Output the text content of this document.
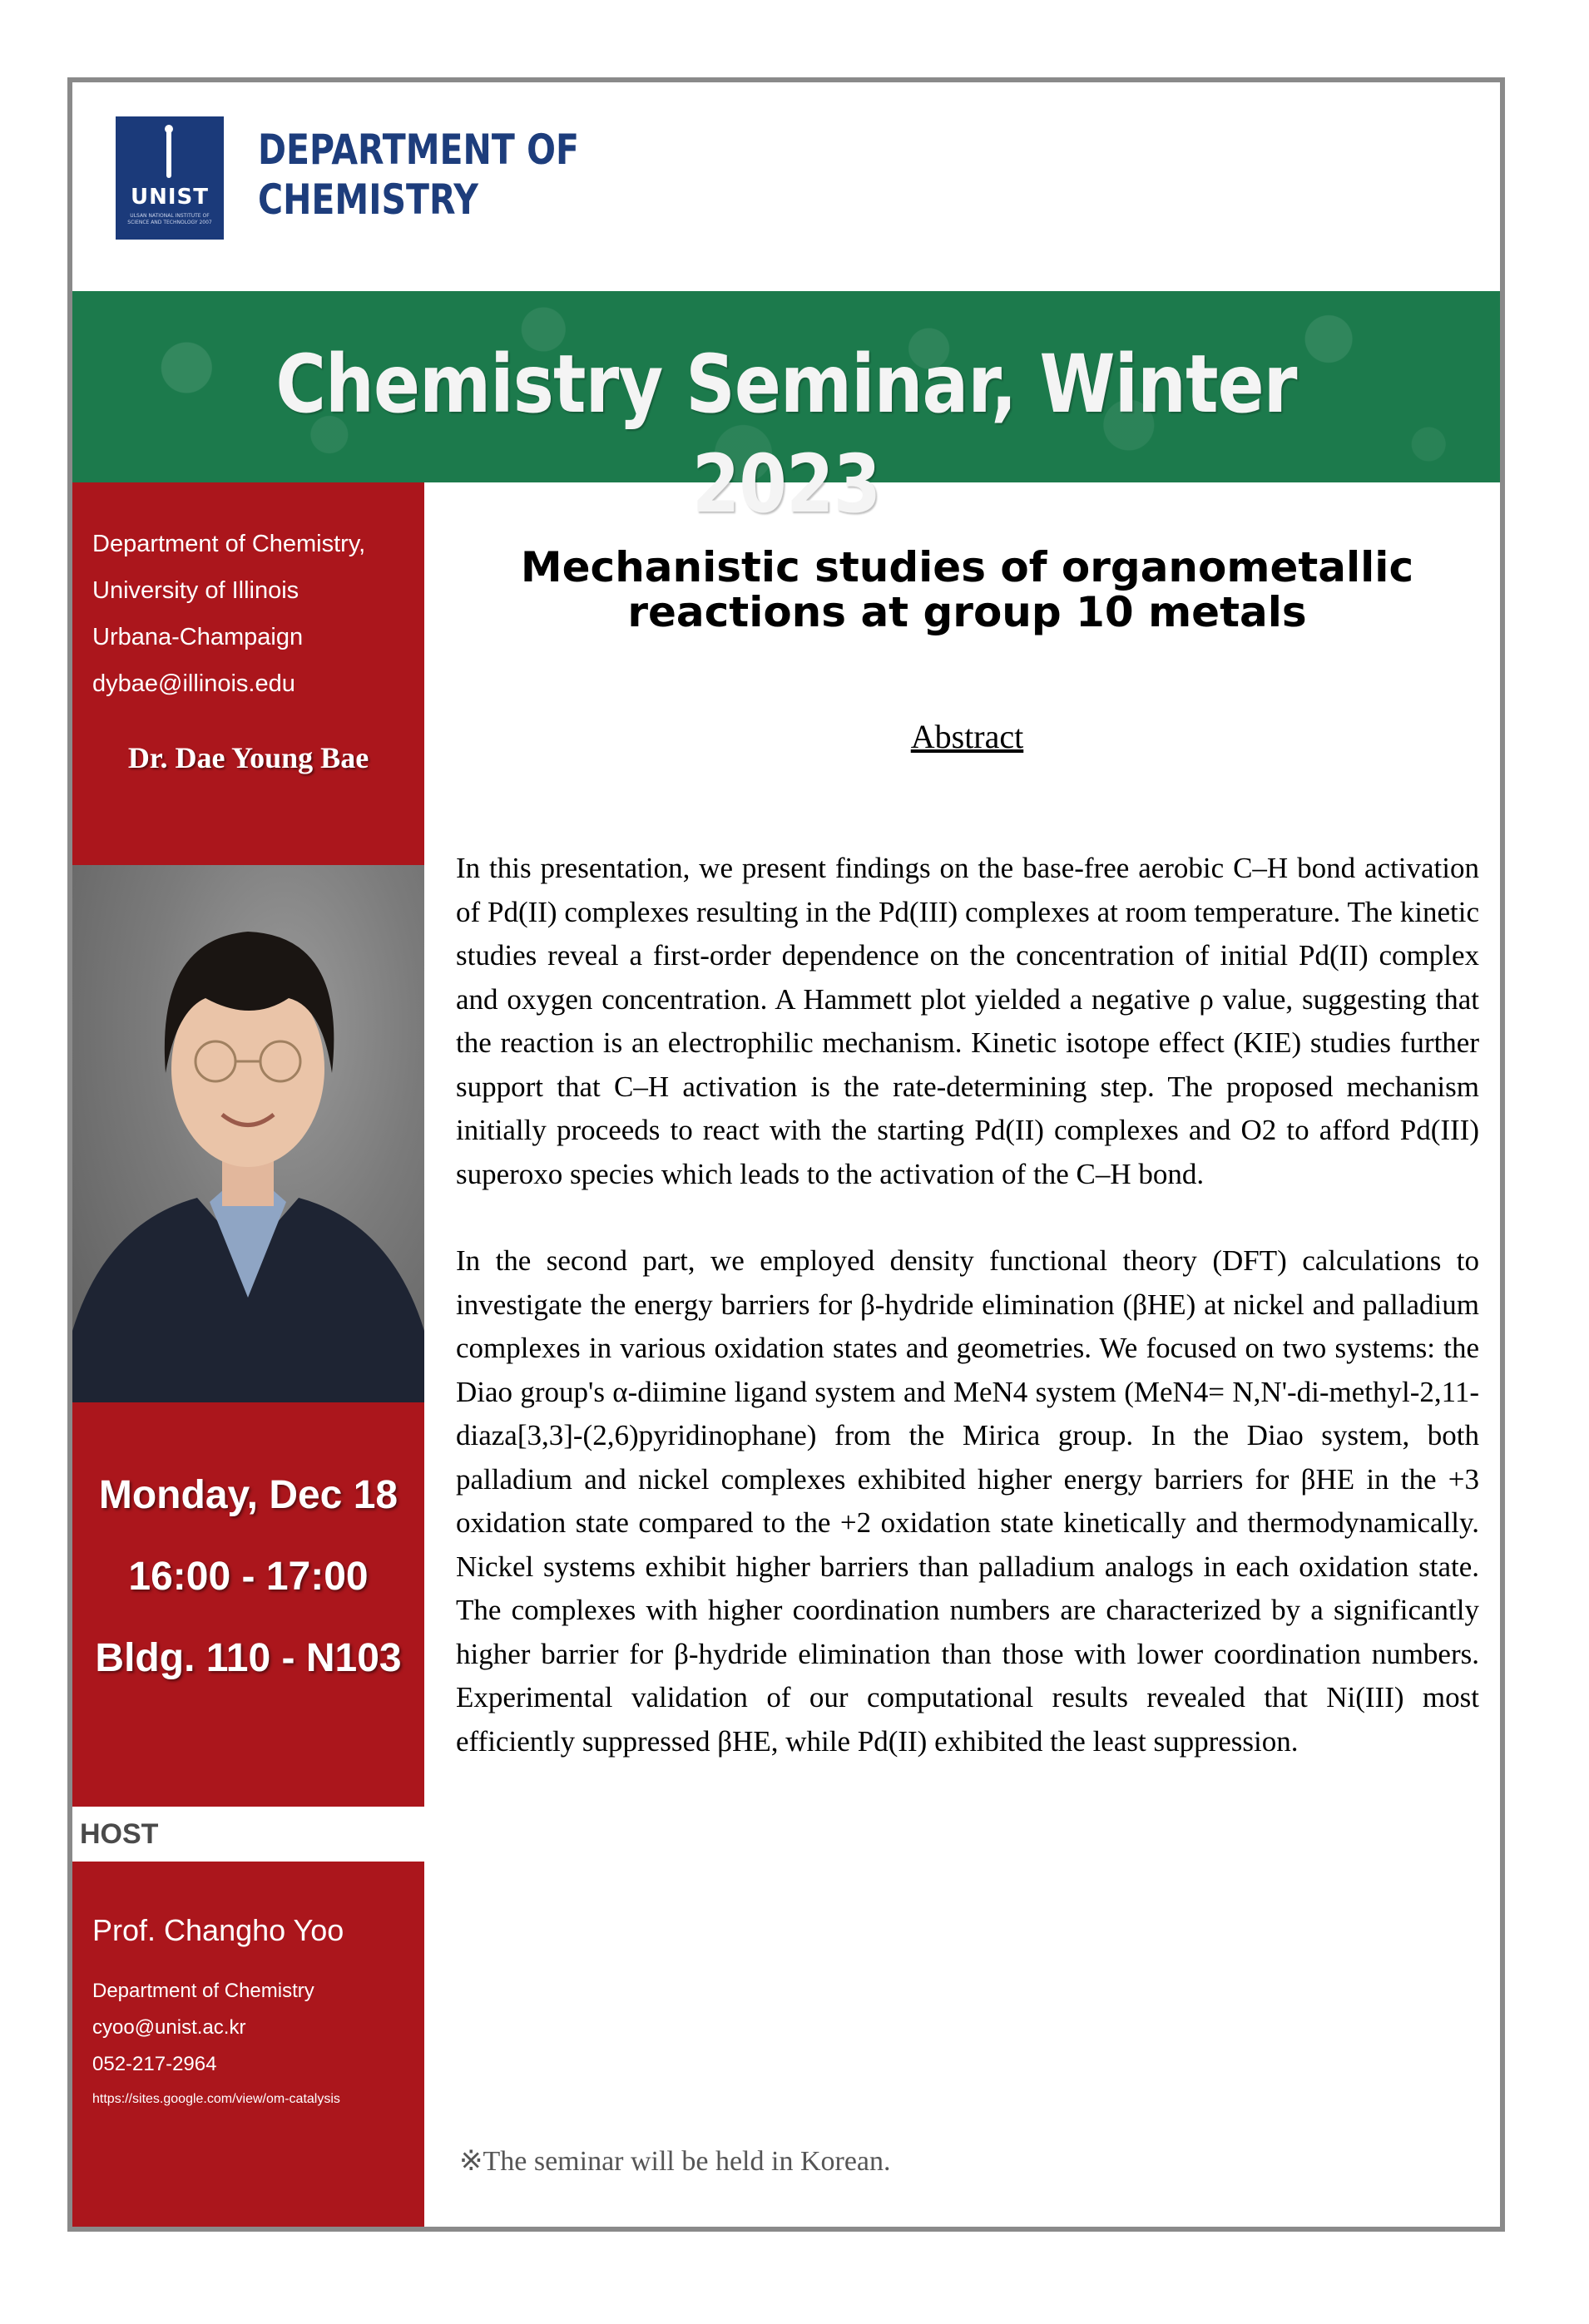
UNIST
ULSAN NATIONAL INSTITUTE OF SCIENCE AND TECHNOLOGY 2007
DEPARTMENT OF
CHEMISTRY
Chemistry Seminar, Winter 2023
Department of Chemistry,
University of Illinois
Urbana-Champaign
dybae@illinois.edu
Dr. Dae Young Bae
Monday, Dec 18
16:00 - 17:00
Bldg. 110 - N103
HOST
Prof. Changho Yoo
Department of Chemistry
cyoo@unist.ac.kr
052-217-2964
https://sites.google.com/view/om-catalysis
Mechanistic studies of organometallic
reactions at group 10 metals
Abstract

In this presentation, we present findings on the base-free aerobic C–H bond activation of Pd(II) complexes resulting in the Pd(III) complexes at room temperature. The kinetic studies reveal a first-order dependence on the concentration of initial Pd(II) complex and oxygen concentration. A Hammett plot yielded a negative ρ value, suggesting that the reaction is an electrophilic mechanism. Kinetic isotope effect (KIE) studies further support that C–H activation is the rate-determining step. The proposed mechanism initially proceeds to react with the starting Pd(II) complexes and O2 to afford Pd(III) superoxo species which leads to the activation of the C–H bond.

In the second part, we employed density functional theory (DFT) calculations to investigate the energy barriers for β-hydride elimination (βHE) at nickel and palladium complexes in various oxidation states and geometries. We focused on two systems: the Diao group's α-diimine ligand system and MeN4 system (MeN4= N,N'-di-methyl-2,11-diaza[3,3]-(2,6)pyridinophane) from the Mirica group. In the Diao system, both palladium and nickel complexes exhibited higher energy barriers for βHE in the +3 oxidation state compared to the +2 oxidation state kinetically and thermodynamically. Nickel systems exhibit higher barriers than palladium analogs in each oxidation state. The complexes with higher coordination numbers are characterized by a significantly higher barrier for β-hydride elimination than those with lower coordination numbers. Experimental validation of our computational results revealed that Ni(III) most efficiently suppressed βHE, while Pd(II) exhibited the least suppression.

※The seminar will be held in Korean.
